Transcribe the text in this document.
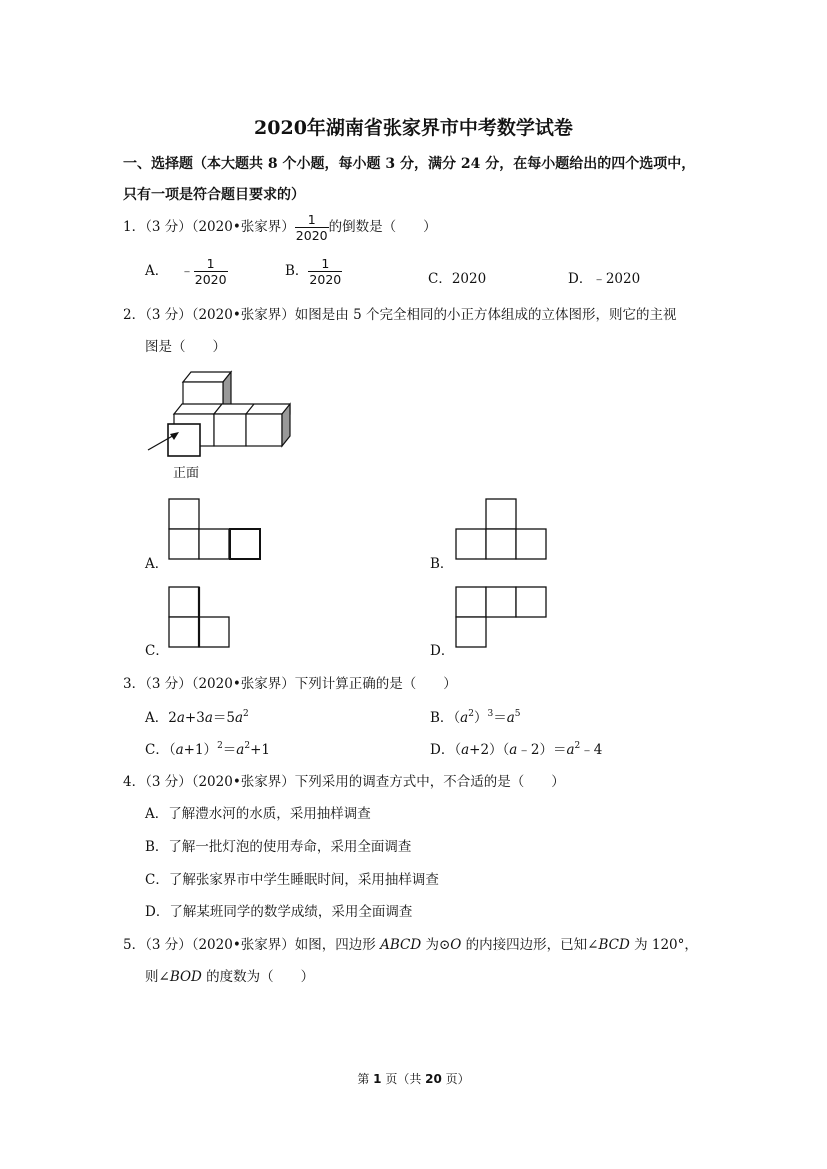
2020年湖南省张家界市中考数学试卷
一、选择题（本大题共 8 个小题，每小题 3 分，满分 24 分，在每小题给出的四个选项中，
只有一项是符合题目要求的）
1．（3 分）（2020•张家界） $\frac{1}{2020}$ 的倒数是（　　）
A． ﹣ $\frac{1}{2020}$	B． $\frac{1}{2020}$	C．2020	D．﹣2020
2．（3 分）（2020•张家界）如图是由 5 个完全相同的小正方体组成的立体图形，则它的主视
图是（　　）
正面
A．	B．
C．	D．
3．（3 分）（2020•张家界）下列计算正确的是（　　）
A．$2a+3a=5a^2$	B．$(a^2)^3=a^5$
C．$(a+1)^2=a^2+1$	D．$(a+2)(a﹣2)=a^2﹣4$
4．（3 分）（2020•张家界）下列采用的调查方式中，不合适的是（　　）
A．了解澧水河的水质，采用抽样调查
B．了解一批灯泡的使用寿命，采用全面调查
C．了解张家界市中学生睡眠时间，采用抽样调查
D．了解某班同学的数学成绩，采用全面调查
5．（3 分）（2020•张家界）如图，四边形 ABCD 为⊙O 的内接四边形，已知∠BCD 为 120°，
则∠BOD 的度数为（　　）
第 1 页（共 20 页）
